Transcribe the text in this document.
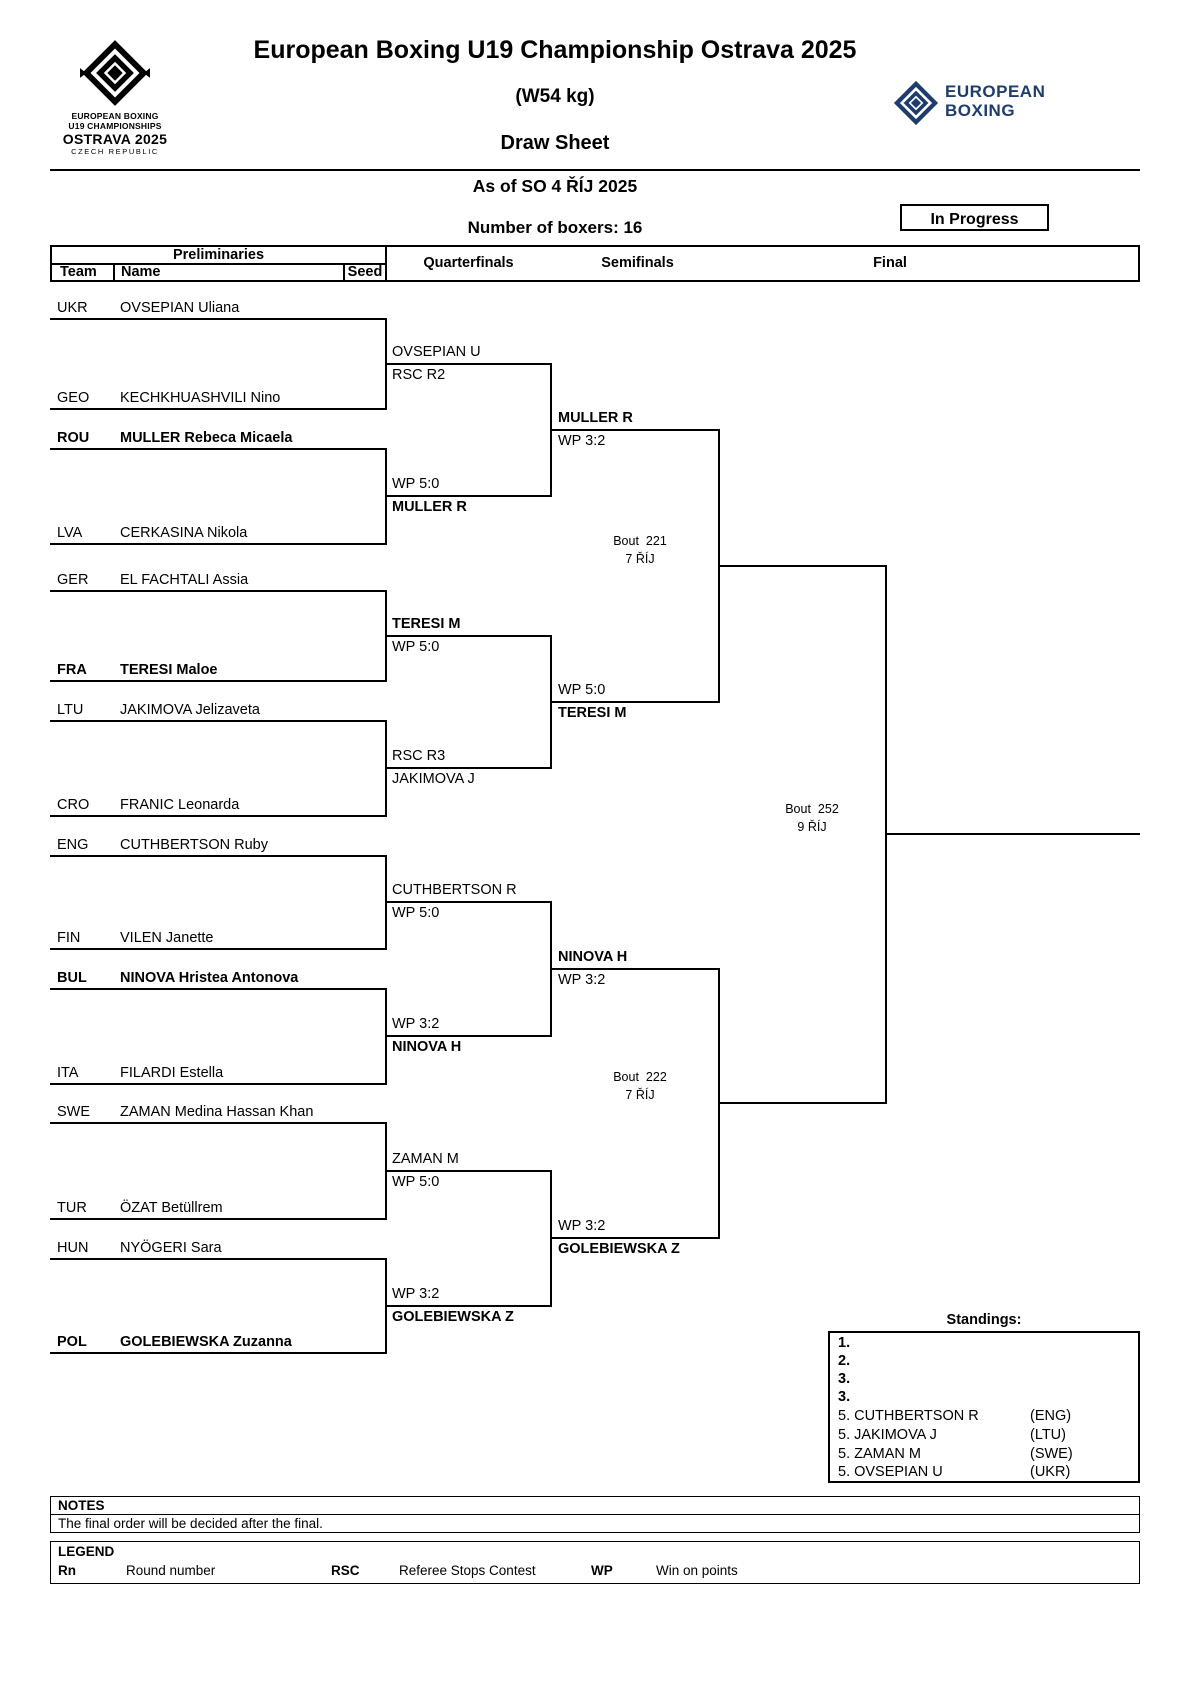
EUROPEAN BOXING
U19 CHAMPIONSHIPS
OSTRAVA 2025
CZECH REPUBLIC
European Boxing U19 Championship Ostrava 2025
(W54 kg)
Draw Sheet
EUROPEAN
BOXING
As of SO 4 ŘÍJ 2025
In Progress
Number of boxers: 16
Preliminaries
Team Name	Seed
Quarterfinals	Semifinals	Final
UKR OVSEPIAN Uliana
GEO KECHKHUASHVILI Nino
ROU MULLER Rebeca Micaela
LVA	CERKASINA Nikola
GER EL FACHTALI Assia
FRA TERESI Maloe
LTU	JAKIMOVA Jelizaveta
CRO FRANIC Leonarda
ENG CUTHBERTSON Ruby
FIN	VILEN Janette
BUL NINOVA Hristea Antonova
ITA	FILARDI Estella
SWE ZAMAN Medina Hassan Khan
TUR ÖZAT Betüllrem
HUN NYÖGERI Sara
POL GOLEBIEWSKA Zuzanna
OVSEPIAN U
RSC R2
WP 5:0
MULLER R
TERESI M
WP 5:0
RSC R3
JAKIMOVA J
CUTHBERTSON R
WP 5:0
WP 3:2
NINOVA H
ZAMAN M
WP 5:0
WP 3:2
GOLEBIEWSKA Z
MULLER R
WP 3:2
WP 5:0
TERESI M
NINOVA H
WP 3:2
WP 3:2
GOLEBIEWSKA Z
Bout 221
7 ŘÍJ
Bout 222
7 ŘÍJ
Bout 252
9 ŘÍJ
Standings:
1.
2.
3.
3.
5. CUTHBERTSON R	(ENG)
5. JAKIMOVA J	(LTU)
5. ZAMAN M	(SWE)
5. OVSEPIAN U	(UKR)
NOTES
The final order will be decided after the final.
LEGEND
Rn	Round number	RSC	Referee Stops Contest	WP	Win on points
